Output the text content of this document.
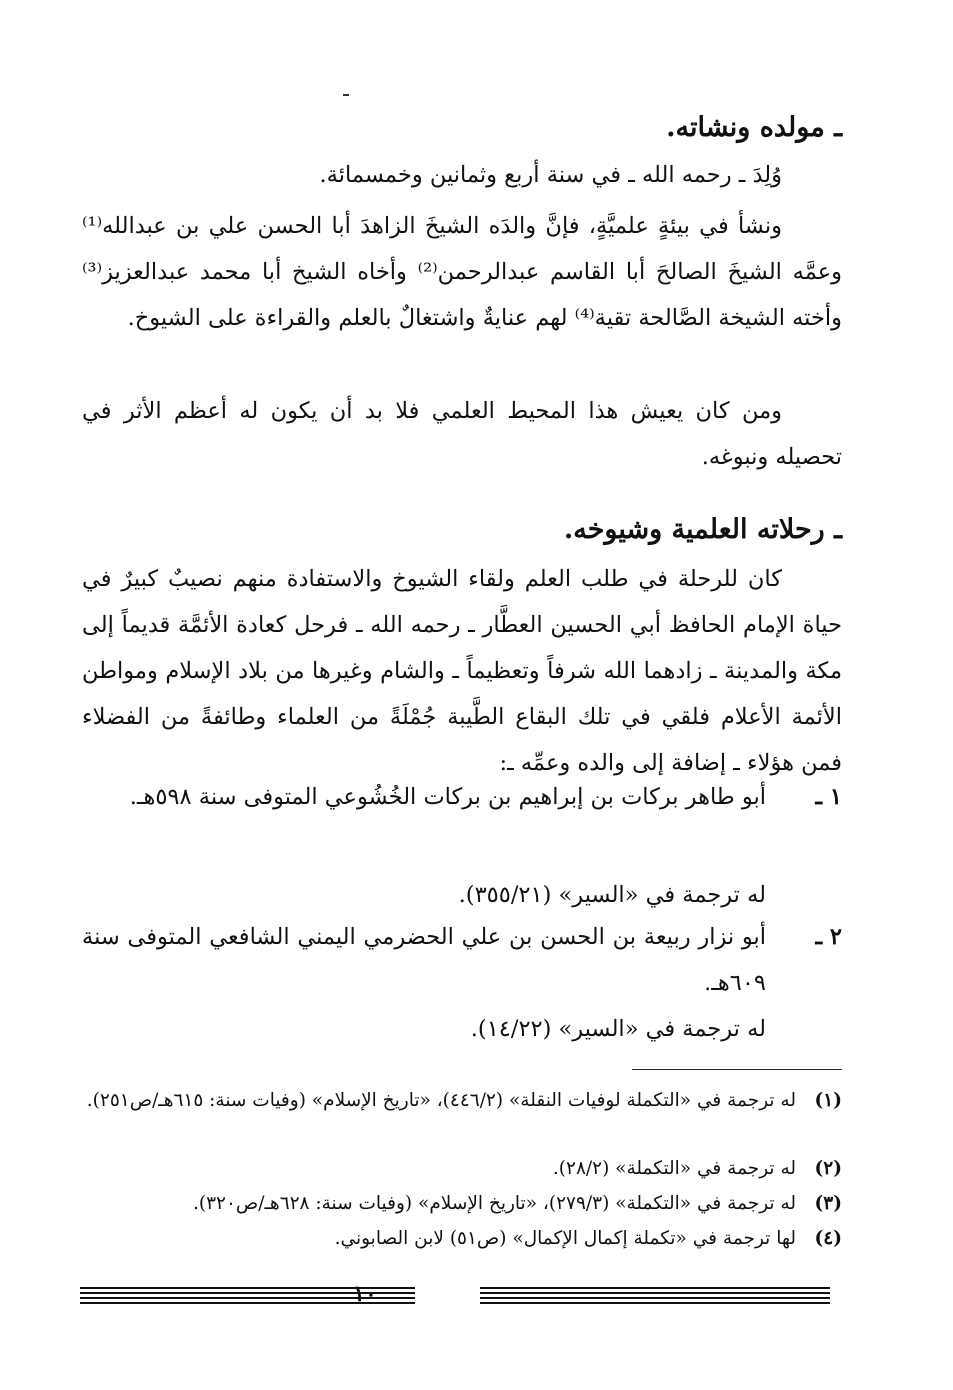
ـ مولده ونشاته.
وُلِدَ ـ رحمه الله ـ في سنة أربع وثمانين وخمسمائة.
ونشأ في بيئةٍ علميَّةٍ، فإنَّ والدَه الشيخَ الزاهدَ أبا الحسن علي بن عبدالله⁽¹⁾ وعمَّه الشيخَ الصالحَ أبا القاسم عبدالرحمن⁽²⁾ وأخاه الشيخ أبا محمد عبدالعزيز⁽³⁾ وأخته الشيخة الصَّالحة تقية⁽⁴⁾ لهم عنايةٌ واشتغالٌ بالعلم والقراءة على الشيوخ.
ومن كان يعيش هذا المحيط العلمي فلا بد أن يكون له أعظم الأثر في تحصيله ونبوغه.
ـ رحلاته العلمية وشيوخه.
كان للرحلة في طلب العلم ولقاء الشيوخ والاستفادة منهم نصيبٌ كبيرٌ في حياة الإمام الحافظ أبي الحسين العطَّار ـ رحمه الله ـ فرحل كعادة الأئمَّة قديماً إلى مكة والمدينة ـ زادهما الله شرفاً وتعظيماً ـ والشام وغيرها من بلاد الإسلام ومواطن الأئمة الأعلام فلقي في تلك البقاع الطَّيبة جُمْلَةً من العلماء وطائفةً من الفضلاء فمن هؤلاء ـ إضافة إلى والده وعمِّه ـ:
١ ـ
أبو طاهر بركات بن إبراهيم بن بركات الخُشُوعي المتوفى سنة ٥٩٨هـ.
له ترجمة في «السير» (٣٥٥/٢١).
٢ ـ
أبو نزار ربيعة بن الحسن بن علي الحضرمي اليمني الشافعي المتوفى سنة ٦٠٩هـ.
له ترجمة في «السير» (١٤/٢٢).
(١)
له ترجمة في «التكملة لوفيات النقلة» (٤٤٦/٢)، «تاريخ الإسلام» (وفيات سنة: ٦١٥هـ/ص٢٥١).
(٢)
له ترجمة في «التكملة» (٢٨/٢).
(٣)
له ترجمة في «التكملة» (٢٧٩/٣)، «تاريخ الإسلام» (وفيات سنة: ٦٢٨هـ/ص٣٢٠).
(٤)
لها ترجمة في «تكملة إكمال الإكمال» (ص٥١) لابن الصابوني.
١٠
